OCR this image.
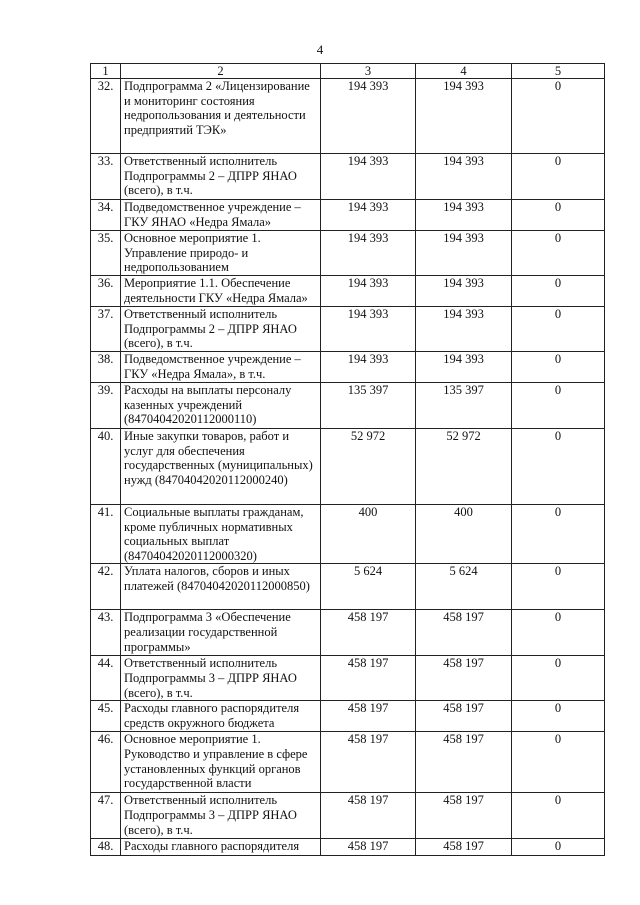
4
1	2	3	4	5
32.	Подпрограмма 2 «Лицензирование и мониторинг состояния недропользования и деятельности предприятий ТЭК»	194 393	194 393	0
33.	Ответственный исполнитель Подпрограммы 2 – ДПРР ЯНАО (всего), в т.ч.	194 393	194 393	0
34.	Подведомственное учреждение – ГКУ ЯНАО «Недра Ямала»	194 393	194 393	0
35.	Основное мероприятие 1. Управление природо- и недропользованием	194 393	194 393	0
36.	Мероприятие 1.1. Обеспечение деятельности ГКУ «Недра Ямала»	194 393	194 393	0
37.	Ответственный исполнитель Подпрограммы 2 – ДПРР ЯНАО (всего), в т.ч.	194 393	194 393	0
38.	Подведомственное учреждение – ГКУ «Недра Ямала», в т.ч.	194 393	194 393	0
39.	Расходы на выплаты персоналу казенных учреждений (84704042020112000110)	135 397	135 397	0
40.	Иные закупки товаров, работ и услуг для обеспечения государственных (муниципальных) нужд (84704042020112000240)	52 972	52 972	0
41.	Социальные выплаты гражданам, кроме публичных нормативных социальных выплат (84704042020112000320)	400	400	0
42.	Уплата налогов, сборов и иных платежей (84704042020112000850)	5 624	5 624	0
43.	Подпрограмма 3 «Обеспечение реализации государственной программы»	458 197	458 197	0
44.	Ответственный исполнитель Подпрограммы 3 – ДПРР ЯНАО (всего), в т.ч.	458 197	458 197	0
45.	Расходы главного распорядителя средств окружного бюджета	458 197	458 197	0
46.	Основное мероприятие 1. Руководство и управление в сфере установленных функций органов государственной власти	458 197	458 197	0
47.	Ответственный исполнитель Подпрограммы 3 – ДПРР ЯНАО (всего), в т.ч.	458 197	458 197	0
48.	Расходы главного распорядителя	458 197	458 197	0
